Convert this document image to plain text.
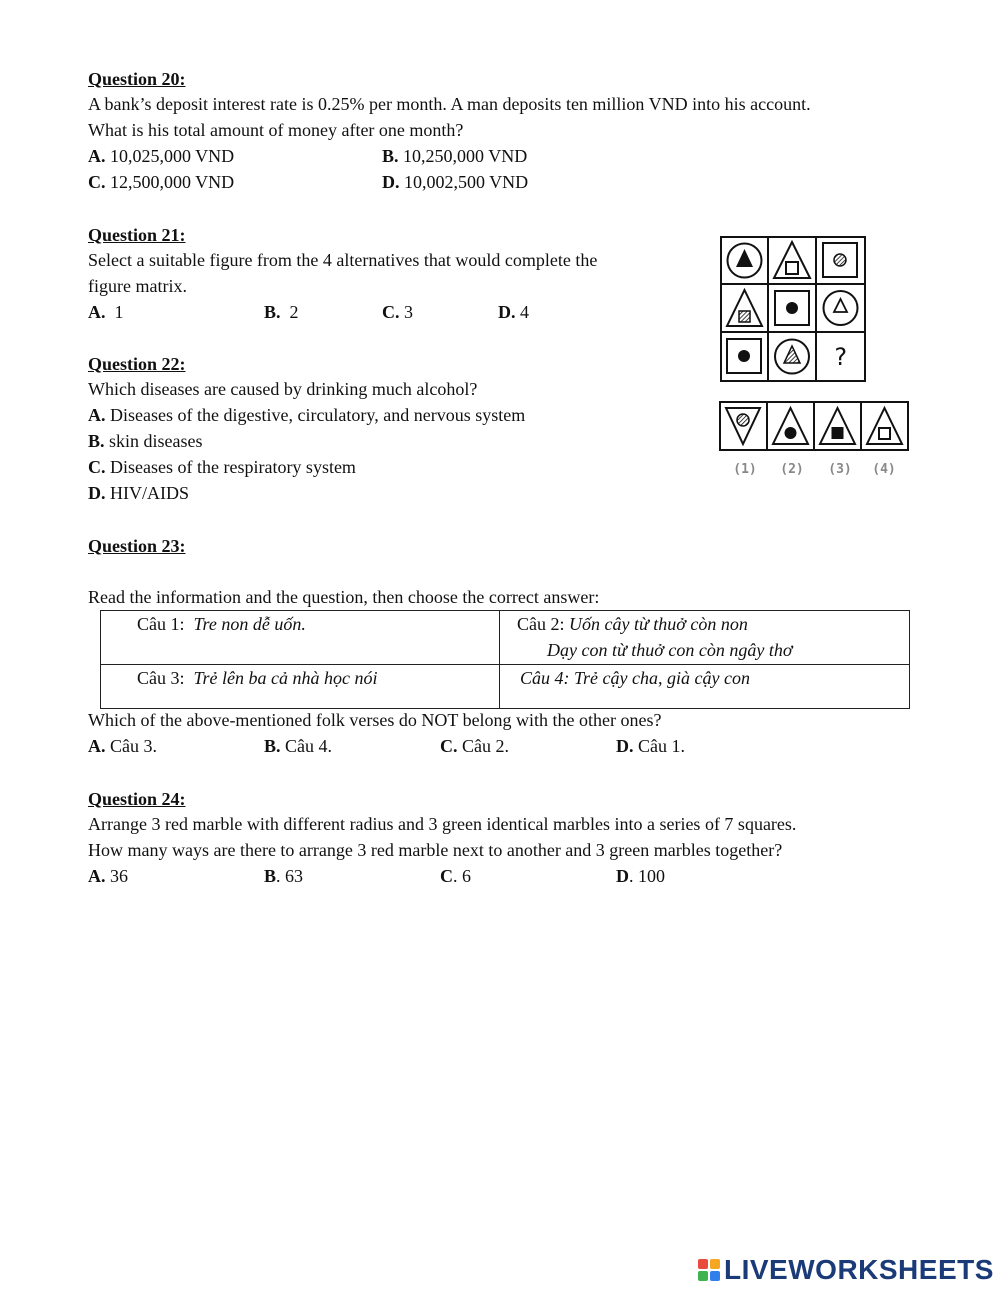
Question 20:
A bank’s deposit interest rate is 0.25% per month. A man deposits ten million VND into his account.
What is his total amount of money after one month?
A. 10,025,000 VND	B. 10,250,000 VND
C. 12,500,000 VND	D. 10,002,500 VND
Question 21:
Select a suitable figure from the 4 alternatives that would complete the
figure matrix.
A. 1	B. 2	C. 3	D. 4
?
(1) (2) (3) (4)
Question 22:
Which diseases are caused by drinking much alcohol?
A. Diseases of the digestive, circulatory, and nervous system
B. skin diseases
C. Diseases of the respiratory system
D. HIV/AIDS
Question 23:
Read the information and the question, then choose the correct answer:
Câu 1: Tre non dễ uốn.	Câu 2: Uốn cây từ thuở còn non
Dạy con từ thuở con còn ngây thơ

Câu 3: Trẻ lên ba cả nhà học nói	Câu 4: Trẻ cậy cha, già cậy con
Which of the above-mentioned folk verses do NOT belong with the other ones?
A. Câu 3.	B. Câu 4.	C. Câu 2.	D. Câu 1.
Question 24:
Arrange 3 red marble with different radius and 3 green identical marbles into a series of 7 squares.
How many ways are there to arrange 3 red marble next to another and 3 green marbles together?
A. 36	B. 63	C. 6	D. 100
LIVEWORKSHEETS
